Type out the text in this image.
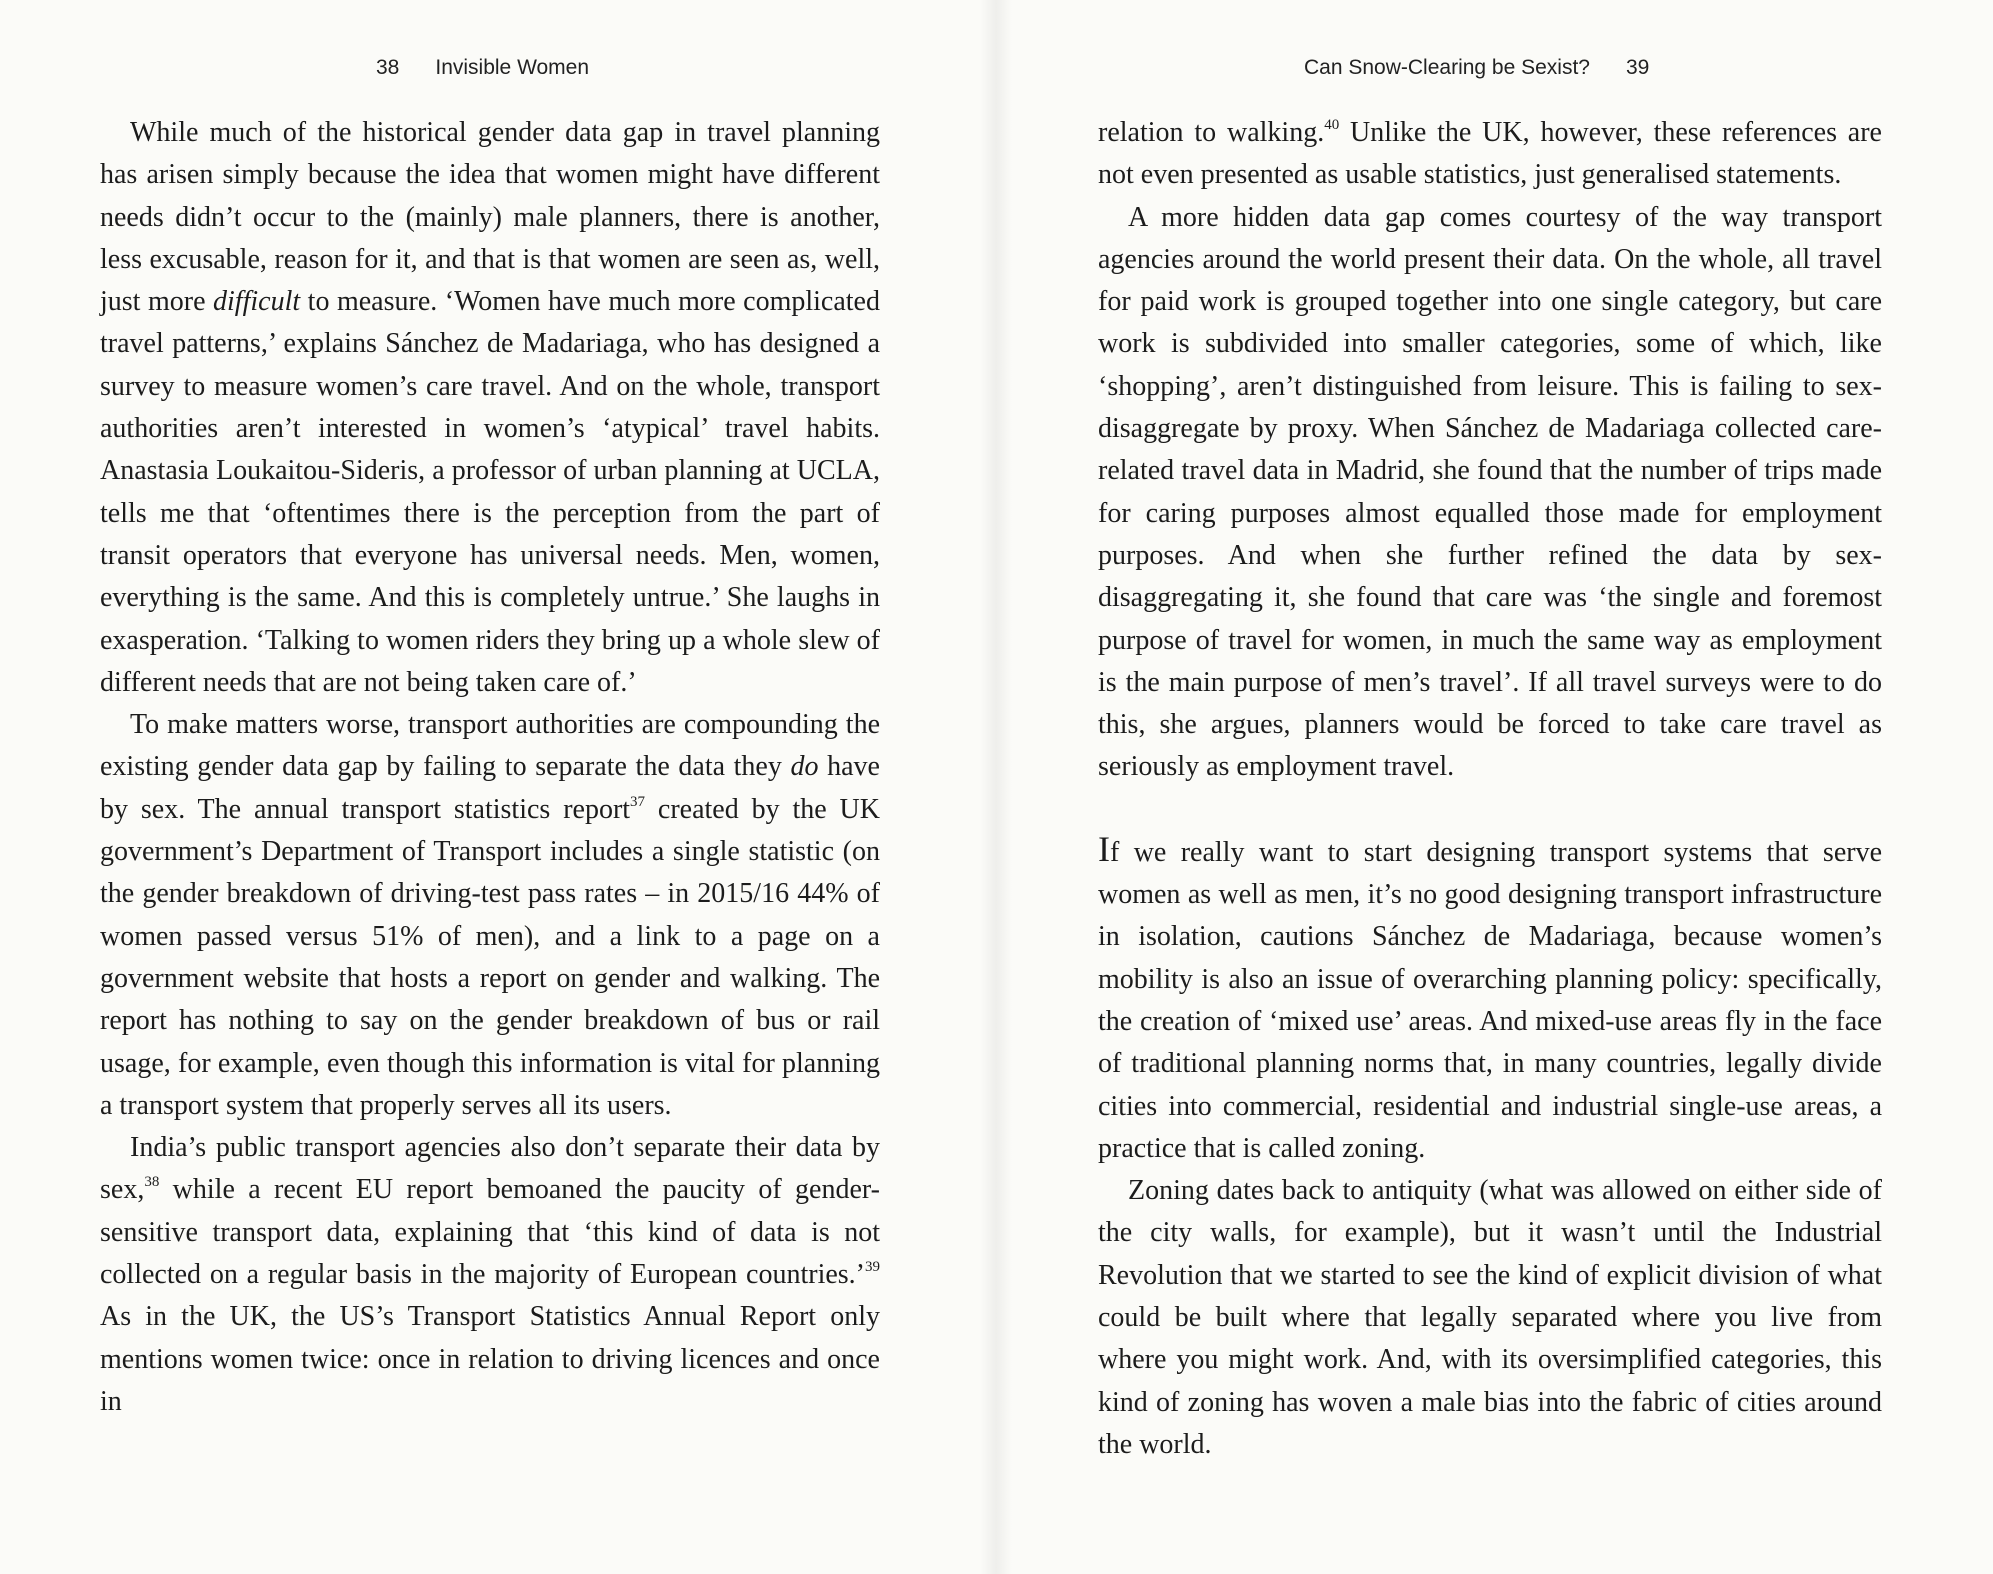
38 Invisible Women

While much of the historical gender data gap in travel planning has arisen simply because the idea that women might have different needs didn’t occur to the (mainly) male planners, there is another, less excusable, reason for it, and that is that women are seen as, well, just more difficult to measure. ‘Women have much more complicated travel patterns,’ explains Sánchez de Madariaga, who has designed a survey to measure women’s care travel. And on the whole, transport authorities aren’t interested in women’s ‘atypical’ travel habits. Anastasia Loukaitou-Sideris, a professor of urban planning at UCLA, tells me that ‘oftentimes there is the perception from the part of transit operators that everyone has universal needs. Men, women, everything is the same. And this is completely untrue.’ She laughs in exasperation. ‘Talking to women riders they bring up a whole slew of different needs that are not being taken care of.’

To make matters worse, transport authorities are compounding the existing gender data gap by failing to separate the data they do have by sex. The annual transport statistics report$^{37}$ created by the UK government’s Department of Transport includes a single statistic (on the gender breakdown of driving-test pass rates – in 2015/16 44% of women passed versus 51% of men), and a link to a page on a government website that hosts a report on gender and walking. The report has nothing to say on the gender breakdown of bus or rail usage, for example, even though this information is vital for planning a transport system that properly serves all its users.

India’s public transport agencies also don’t separate their data by sex,$^{38}$ while a recent EU report bemoaned the paucity of gender-sensitive transport data, explaining that ‘this kind of data is not collected on a regular basis in the majority of European countries.’$^{39}$ As in the UK, the US’s Transport Statistics Annual Report only mentions women twice: once in relation to driving licences and once in

Can Snow-Clearing be Sexist? 39

relation to walking.$^{40}$ Unlike the UK, however, these references are not even presented as usable statistics, just generalised statements.

A more hidden data gap comes courtesy of the way transport agencies around the world present their data. On the whole, all travel for paid work is grouped together into one single category, but care work is subdivided into smaller categories, some of which, like ‘shopping’, aren’t distinguished from leisure. This is failing to sex-disaggregate by proxy. When Sánchez de Madariaga collected care-related travel data in Madrid, she found that the number of trips made for caring purposes almost equalled those made for employment purposes. And when she further refined the data by sex-disaggregating it, she found that care was ‘the single and foremost purpose of travel for women, in much the same way as employment is the main purpose of men’s travel’. If all travel surveys were to do this, she argues, planners would be forced to take care travel as seriously as employment travel.

If we really want to start designing transport systems that serve women as well as men, it’s no good designing transport infrastructure in isolation, cautions Sánchez de Madariaga, because women’s mobility is also an issue of overarching planning policy: specifically, the creation of ‘mixed use’ areas. And mixed-use areas fly in the face of traditional planning norms that, in many countries, legally divide cities into commercial, residential and industrial single-use areas, a practice that is called zoning.

Zoning dates back to antiquity (what was allowed on either side of the city walls, for example), but it wasn’t until the Industrial Revolution that we started to see the kind of explicit division of what could be built where that legally separated where you live from where you might work. And, with its oversimplified categories, this kind of zoning has woven a male bias into the fabric of cities around the world.
